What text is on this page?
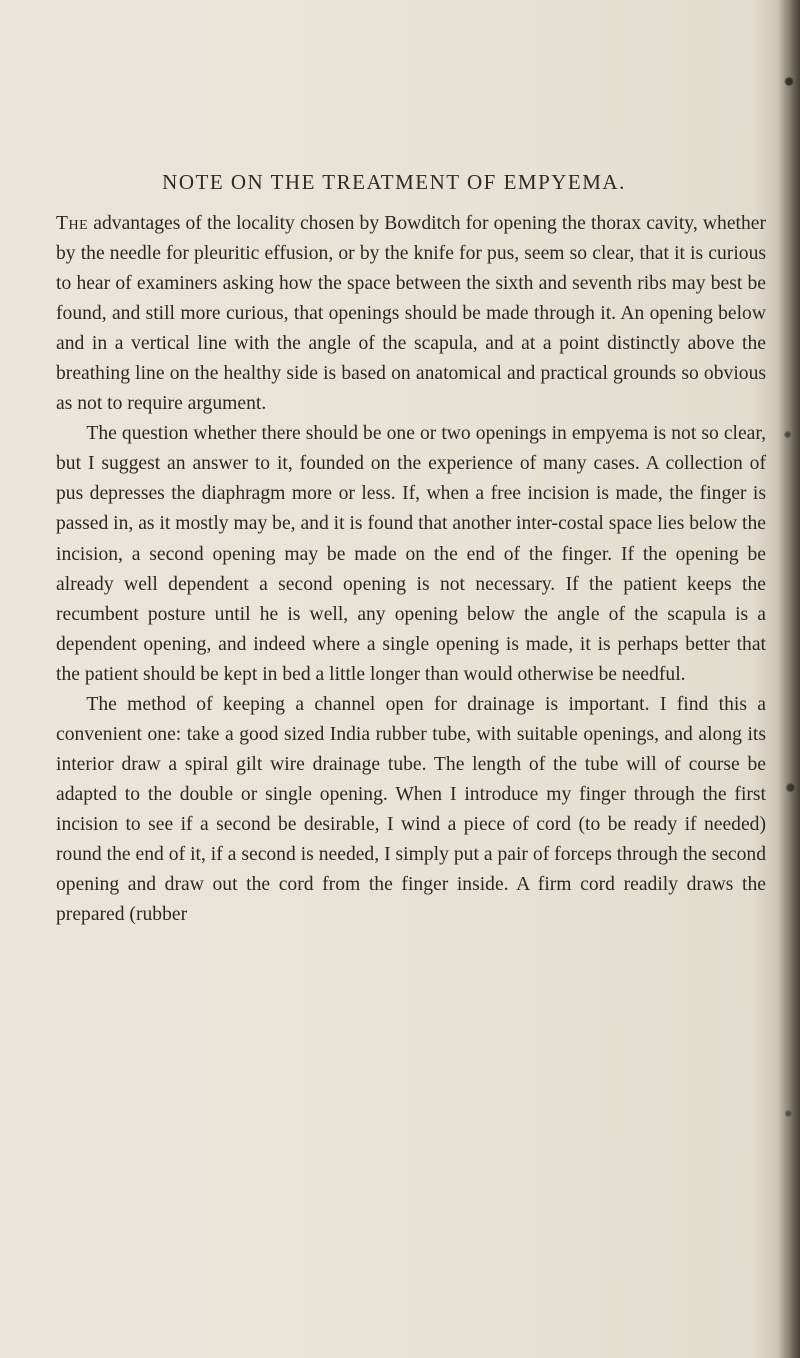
NOTE ON THE TREATMENT OF EMPYEMA.

The advantages of the locality chosen by Bowditch for opening the thorax cavity, whether by the needle for pleuritic effusion, or by the knife for pus, seem so clear, that it is curious to hear of examiners asking how the space between the sixth and seventh ribs may best be found, and still more curious, that openings should be made through it. An opening below and in a vertical line with the angle of the scapula, and at a point distinctly above the breathing line on the healthy side is based on anatomical and practical grounds so obvious as not to require argument.

The question whether there should be one or two openings in empyema is not so clear, but I suggest an answer to it, founded on the experience of many cases. A collection of pus depresses the diaphragm more or less. If, when a free incision is made, the finger is passed in, as it mostly may be, and it is found that another inter-costal space lies below the incision, a second opening may be made on the end of the finger. If the opening be already well dependent a second opening is not necessary. If the patient keeps the recumbent posture until he is well, any opening below the angle of the scapula is a dependent opening, and indeed where a single opening is made, it is perhaps better that the patient should be kept in bed a little longer than would otherwise be needful.

The method of keeping a channel open for drainage is important. I find this a convenient one: take a good sized India rubber tube, with suitable openings, and along its interior draw a spiral gilt wire drainage tube. The length of the tube will of course be adapted to the double or single opening. When I introduce my finger through the first incision to see if a second be desirable, I wind a piece of cord (to be ready if needed) round the end of it, if a second is needed, I simply put a pair of forceps through the second opening and draw out the cord from the finger inside. A firm cord readily draws the prepared (rubber
